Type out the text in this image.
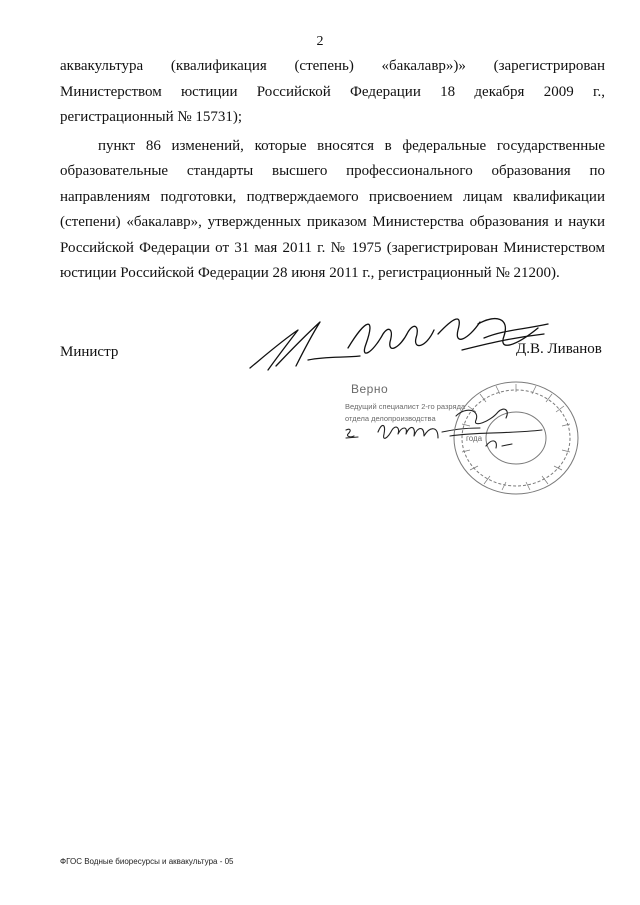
2

аквакультура (квалификация (степень) «бакалавр»)» (зарегистрирован Министерством юстиции Российской Федерации 18 декабря 2009 г., регистрационный № 15731);

пункт 86 изменений, которые вносятся в федеральные государственные образовательные стандарты высшего профессионального образования по направлениям подготовки, подтверждаемого присвоением лицам квалификации (степени) «бакалавр», утвержденных приказом Министерства образования и науки Российской Федерации от 31 мая 2011 г. № 1975 (зарегистрирован Министерством юстиции Российской Федерации 28 июня 2011 г., регистрационный № 21200).

Министр	Д.В. Ливанов
Верно
Ведущий специалист 2-го разряда
отдела делопроизводства
года
ФГОС Водные биоресурсы и аквакультура - 05
